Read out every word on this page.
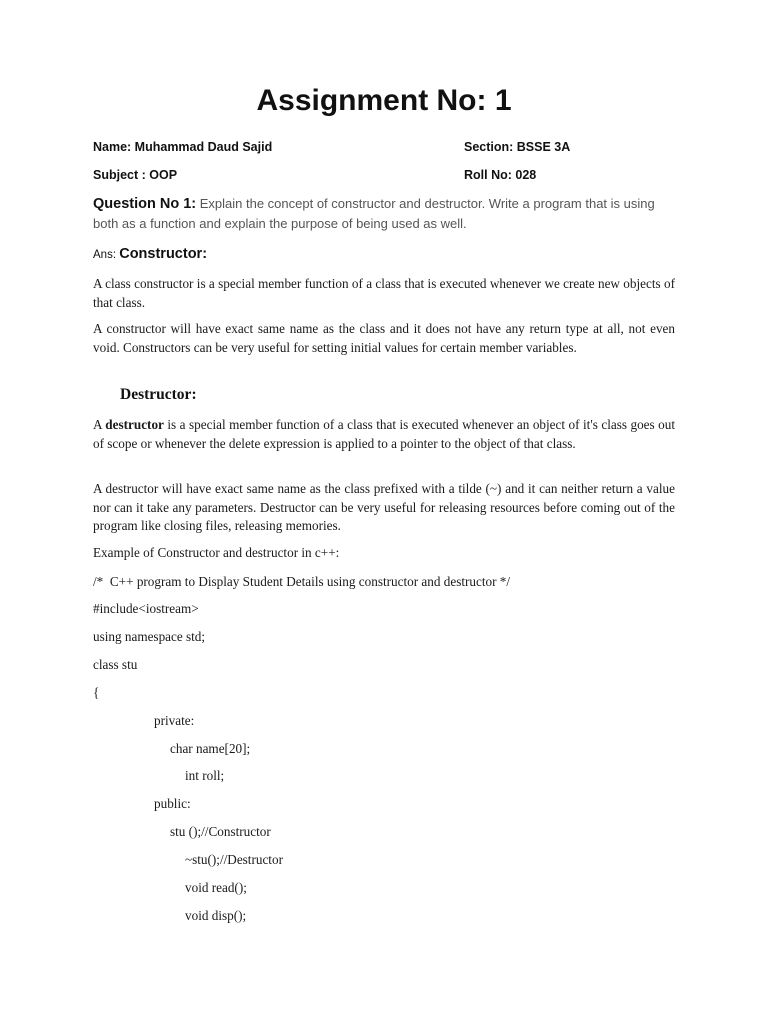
Assignment No: 1
Name: Muhammad Daud Sajid	Section: BSSE 3A
Subject : OOP	Roll No: 028
Question No 1: Explain the concept of constructor and destructor. Write a program that is using both as a function and explain the purpose of being used as well.
Ans: Constructor:

A class constructor is a special member function of a class that is executed whenever we create new objects of that class.

A constructor will have exact same name as the class and it does not have any return type at all, not even void. Constructors can be very useful for setting initial values for certain member variables.

Destructor:

A destructor is a special member function of a class that is executed whenever an object of it's class goes out of scope or whenever the delete expression is applied to a pointer to the object of that class.

A destructor will have exact same name as the class prefixed with a tilde (~) and it can neither return a value nor can it take any parameters. Destructor can be very useful for releasing resources before coming out of the program like closing files, releasing memories.

Example of Constructor and destructor in c++:
/*  C++ program to Display Student Details using constructor and destructor */
#include<iostream>
using namespace std;
class stu
{
private:
char name[20];
int roll;
public:
stu ();//Constructor
~stu();//Destructor
void read();
void disp();
